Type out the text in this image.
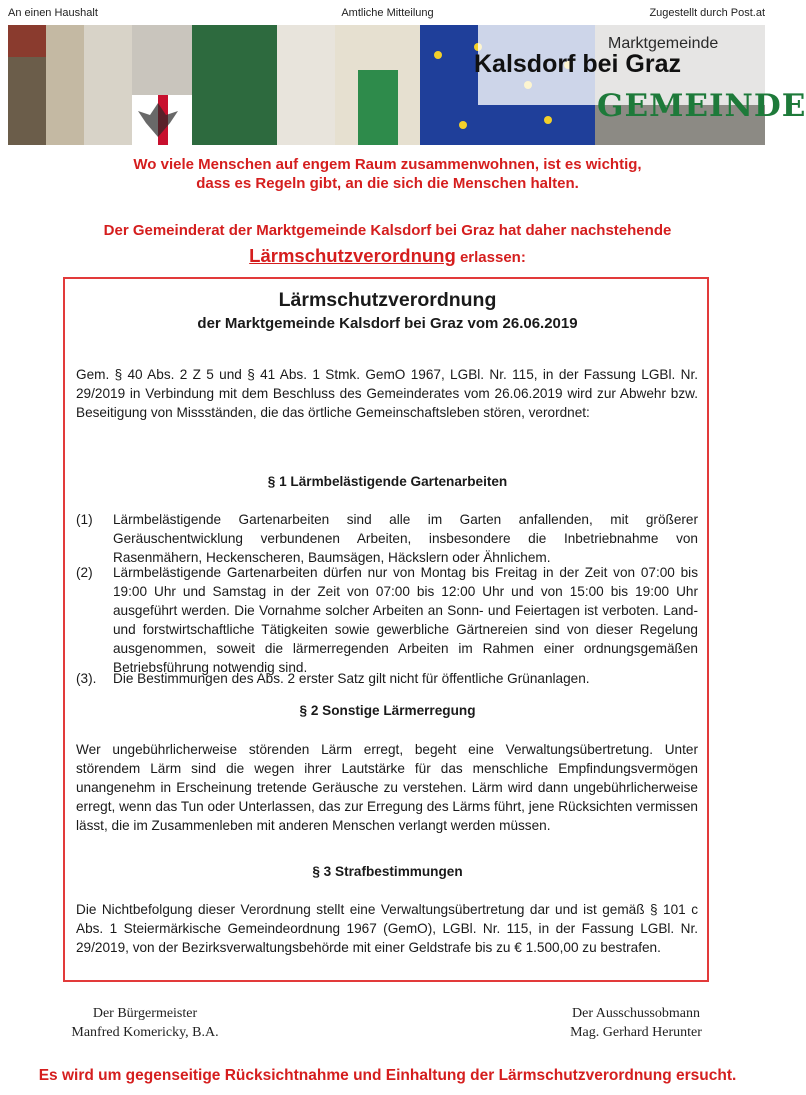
An einen Haushalt	Amtliche Mitteilung	Zugestellt durch Post.at
Marktgemeinde
Kalsdorf bei Graz
GEMEINDE
Wo viele Menschen auf engem Raum zusammenwohnen, ist es wichtig,
dass es Regeln gibt, an die sich die Menschen halten.
Der Gemeinderat der Marktgemeinde Kalsdorf bei Graz hat daher nachstehende
Lärmschutzverordnung erlassen:
Lärmschutzverordnung
der Marktgemeinde Kalsdorf bei Graz vom 26.06.2019
Gem. § 40 Abs. 2 Z 5 und § 41 Abs. 1 Stmk. GemO 1967, LGBl. Nr. 115, in der Fassung LGBl. Nr. 29/2019 in Verbindung mit dem Beschluss des Gemeinderates vom 26.06.2019 wird zur Abwehr bzw. Beseitigung von Missständen, die das örtliche Gemeinschaftsleben stören, verordnet:
§ 1 Lärmbelästigende Gartenarbeiten
(1)	Lärmbelästigende Gartenarbeiten sind alle im Garten anfallenden, mit größerer Geräuschentwicklung verbundenen Arbeiten, insbesondere die Inbetriebnahme von Rasenmähern, Heckenscheren, Baumsägen, Häckslern oder Ähnlichem.
(2)	Lärmbelästigende Gartenarbeiten dürfen nur von Montag bis Freitag in der Zeit von 07:00 bis 19:00 Uhr und Samstag in der Zeit von 07:00 bis 12:00 Uhr und von 15:00 bis 19:00 Uhr ausgeführt werden. Die Vornahme solcher Arbeiten an Sonn- und Feiertagen ist verboten. Land- und forstwirtschaftliche Tätigkeiten sowie gewerbliche Gärtnereien sind von dieser Regelung ausgenommen, soweit die lärmerregenden Arbeiten im Rahmen einer ordnungsgemäßen Betriebsführung notwendig sind.
(3).	Die Bestimmungen des Abs. 2 erster Satz gilt nicht für öffentliche Grünanlagen.
§ 2 Sonstige Lärmerregung
Wer ungebührlicherweise störenden Lärm erregt, begeht eine Verwaltungsübertretung. Unter störendem Lärm sind die wegen ihrer Lautstärke für das menschliche Empfindungsvermögen unangenehm in Erscheinung tretende Geräusche zu verstehen. Lärm wird dann ungebührlicherweise erregt, wenn das Tun oder Unterlassen, das zur Erregung des Lärms führt, jene Rücksichten vermissen lässt, die im Zusammenleben mit anderen Menschen verlangt werden müssen.
§ 3 Strafbestimmungen
Die Nichtbefolgung dieser Verordnung stellt eine Verwaltungsübertretung dar und ist gemäß § 101 c Abs. 1 Steiermärkische Gemeindeordnung 1967 (GemO), LGBl. Nr. 115, in der Fassung LGBl. Nr. 29/2019, von der Bezirksverwaltungsbehörde mit einer Geldstrafe bis zu € 1.500,00 zu bestrafen.
Der Bürgermeister
Manfred Komericky, B.A.
Der Ausschussobmann
Mag. Gerhard Herunter
Es wird um gegenseitige Rücksichtnahme und Einhaltung der Lärmschutzverordnung ersucht.
